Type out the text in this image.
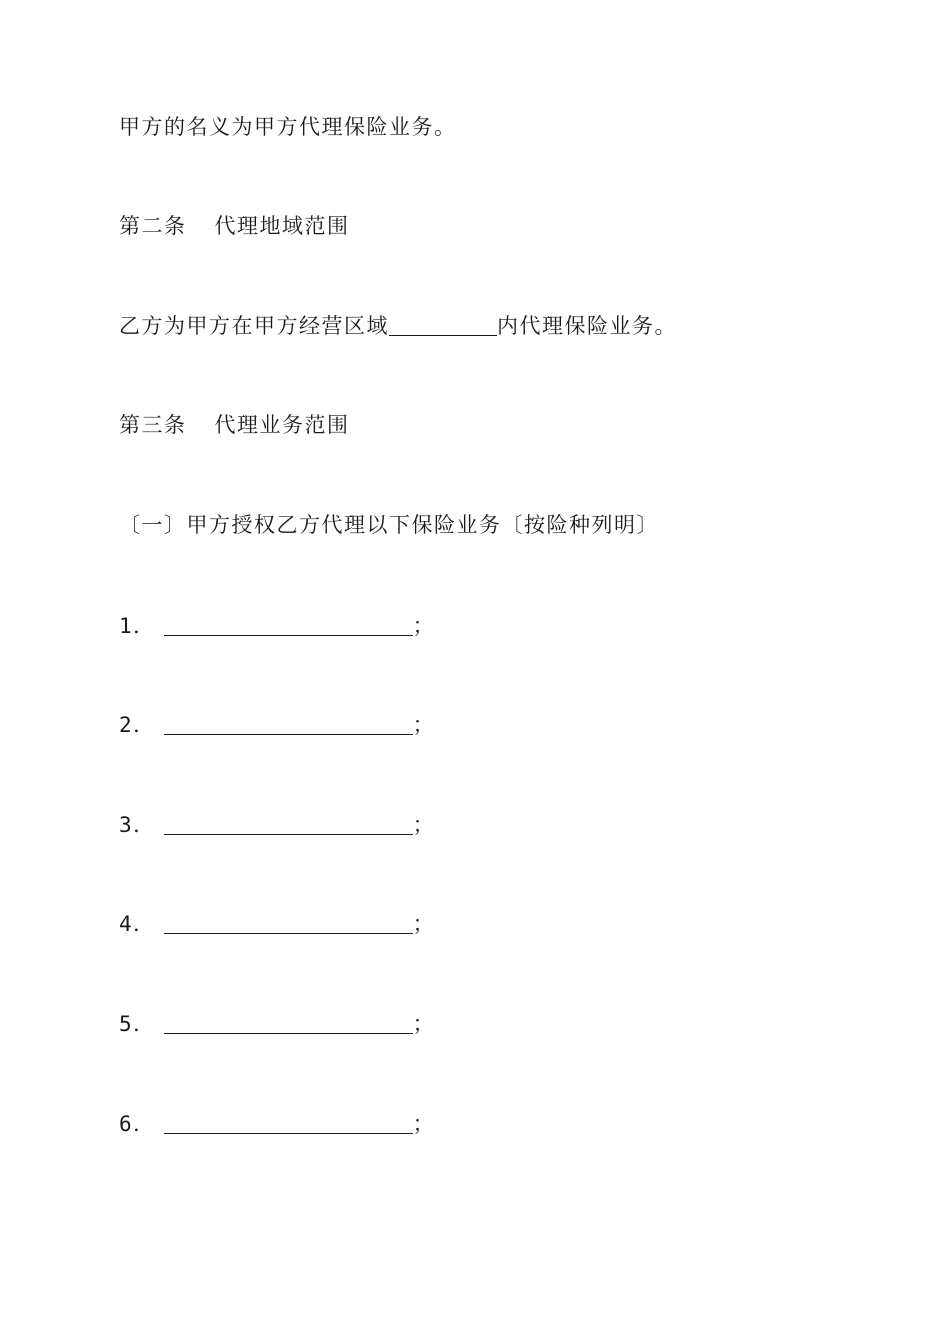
甲方的名义为甲方代理保险业务。
第二条 代理地域范围
乙方为甲方在甲方经营区域	内代理保险业务。
第三条 代理业务范围
〔一〕甲方授权乙方代理以下保险业务〔按险种列明〕
1．	；
2．	；
3．	；
4．	；
5．	；
6．	；
